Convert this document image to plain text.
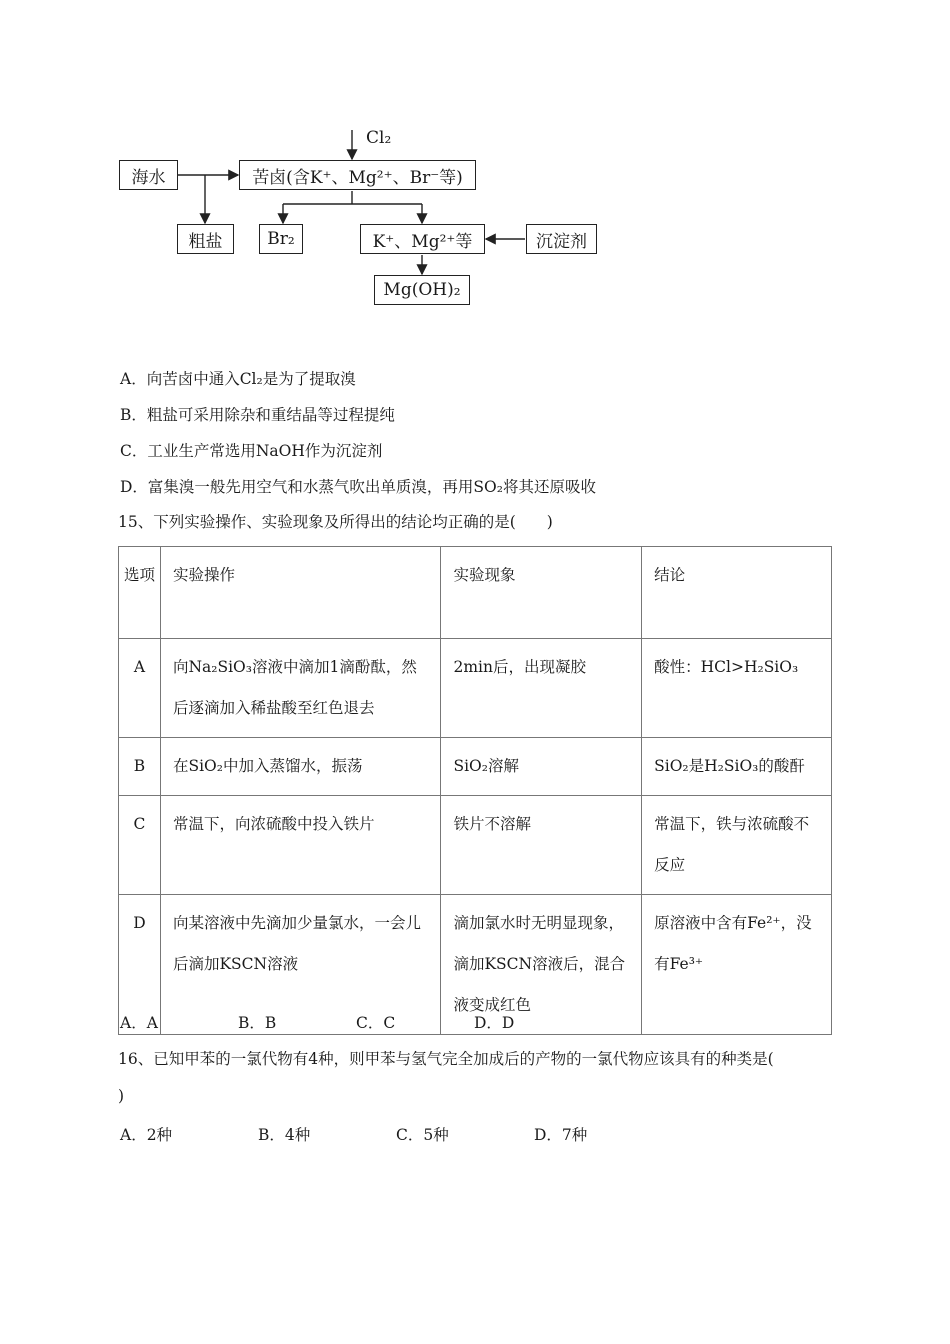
Cl₂
海水	苦卤(含K⁺、Mg²⁺、Br⁻等)
粗盐	Br₂	K⁺、Mg²⁺等	沉淀剂
Mg(OH)₂
A．向苦卤中通入Cl₂是为了提取溴
B．粗盐可采用除杂和重结晶等过程提纯
C．工业生产常选用NaOH作为沉淀剂
D．富集溴一般先用空气和水蒸气吹出单质溴，再用SO₂将其还原吸收
15、下列实验操作、实验现象及所得出的结论均正确的是(　　)
选项	实验操作	实验现象	结论
A	向Na₂SiO₃溶液中滴加1滴酚酞，然后逐滴加入稀盐酸至红色退去	2min后，出现凝胶	酸性：HCl>H₂SiO₃
B	在SiO₂中加入蒸馏水，振荡	SiO₂溶解	SiO₂是H₂SiO₃的酸酐
C	常温下，向浓硫酸中投入铁片	铁片不溶解	常温下，铁与浓硫酸不反应
D	向某溶液中先滴加少量氯水，一会儿后滴加KSCN溶液	滴加氯水时无明显现象，　滴加KSCN溶液后，混合液变成红色	原溶液中含有Fe²⁺，没有Fe³⁺
A．A	B．B	C．C	D．D
16、已知甲苯的一氯代物有4种，则甲苯与氢气完全加成后的产物的一氯代物应该具有的种类是(
)
A．2种	B．4种	C．5种	D．7种
